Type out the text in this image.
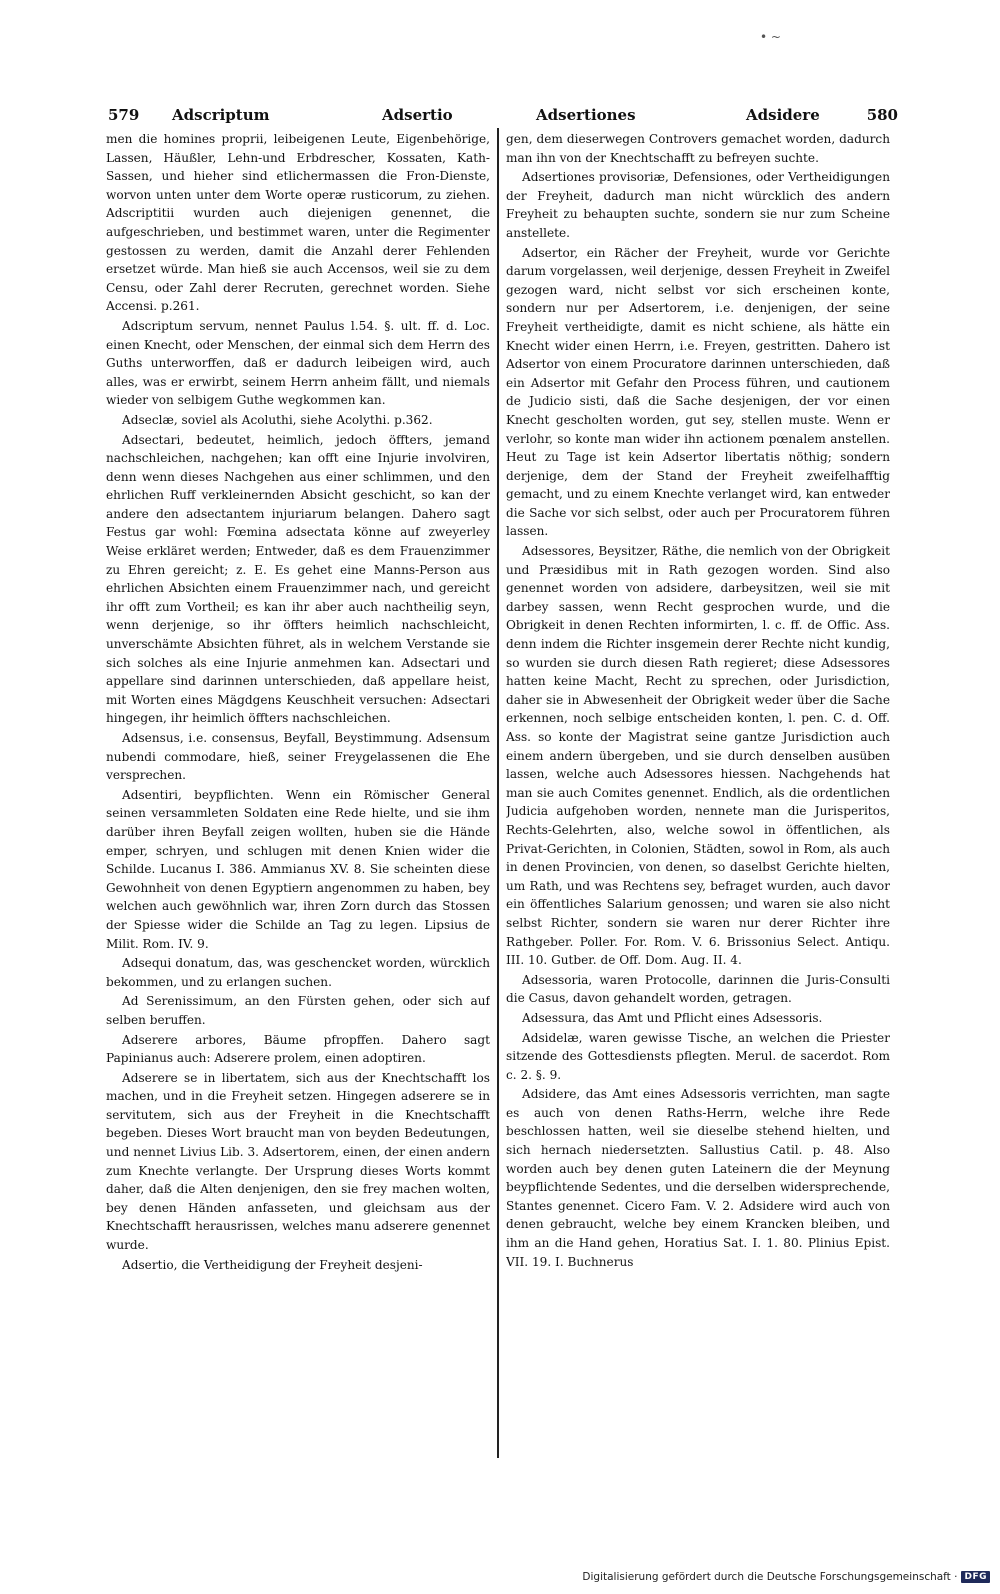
• ~
579 Adscriptum	Adsertio	Adsertiones	Adsidere	580

men die homines proprii, leibeigenen Leute, Eigenbehörige, Lassen, Häußler, Lehn-und Erbdrescher, Kossaten, Kath-Sassen, und hieher sind etlichermassen die Fron-Dienste, worvon unten unter dem Worte operæ rusticorum, zu ziehen. Adscriptitii wurden auch diejenigen genennet, die aufgeschrieben, und bestimmet waren, unter die Regimenter gestossen zu werden, damit die Anzahl derer Fehlenden ersetzet würde. Man hieß sie auch Accensos, weil sie zu dem Censu, oder Zahl derer Recruten, gerechnet worden. Siehe Accensi. p.261.

Adscriptum servum, nennet Paulus l.54. §. ult. ff. d. Loc. einen Knecht, oder Menschen, der einmal sich dem Herrn des Guths unterworffen, daß er dadurch leibeigen wird, auch alles, was er erwirbt, seinem Herrn anheim fällt, und niemals wieder von selbigem Guthe wegkommen kan.

Adseclæ, soviel als Acoluthi, siehe Acolythi. p.362.

Adsectari, bedeutet, heimlich, jedoch öffters, jemand nachschleichen, nachgehen; kan offt eine Injurie involviren, denn wenn dieses Nachgehen aus einer schlimmen, und den ehrlichen Ruff verkleinernden Absicht geschicht, so kan der andere den adsectantem injuriarum belangen. Dahero sagt Festus gar wohl: Fœmina adsectata könne auf zweyerley Weise erkläret werden; Entweder, daß es dem Frauenzimmer zu Ehren gereicht; z. E. Es gehet eine Manns-Person aus ehrlichen Absichten einem Frauenzimmer nach, und gereicht ihr offt zum Vortheil; es kan ihr aber auch nachtheilig seyn, wenn derjenige, so ihr öffters heimlich nachschleicht, unverschämte Absichten führet, als in welchem Verstande sie sich solches als eine Injurie anmehmen kan. Adsectari und appellare sind darinnen unterschieden, daß appellare heist, mit Worten eines Mägdgens Keuschheit versuchen: Adsectari hingegen, ihr heimlich öffters nachschleichen.

Adsensus, i.e. consensus, Beyfall, Beystimmung. Adsensum nubendi commodare, hieß, seiner Freygelassenen die Ehe versprechen.

Adsentiri, beypflichten. Wenn ein Römischer General seinen versammleten Soldaten eine Rede hielte, und sie ihm darüber ihren Beyfall zeigen wollten, huben sie die Hände emper, schryen, und schlugen mit denen Knien wider die Schilde. Lucanus I. 386. Ammianus XV. 8. Sie scheinten diese Gewohnheit von denen Egyptiern angenommen zu haben, bey welchen auch gewöhnlich war, ihren Zorn durch das Stossen der Spiesse wider die Schilde an Tag zu legen. Lipsius de Milit. Rom. IV. 9.

Adsequi donatum, das, was geschencket worden, würcklich bekommen, und zu erlangen suchen.

Ad Serenissimum, an den Fürsten gehen, oder sich auf selben beruffen.

Adserere arbores, Bäume pfropffen. Dahero sagt Papinianus auch: Adserere prolem, einen adoptiren.

Adserere se in libertatem, sich aus der Knechtschafft los machen, und in die Freyheit setzen. Hingegen adserere se in servitutem, sich aus der Freyheit in die Knechtschafft begeben. Dieses Wort braucht man von beyden Bedeutungen, und nennet Livius Lib. 3. Adsertorem, einen, der einen andern zum Knechte verlangte. Der Ursprung dieses Worts kommt daher, daß die Alten denjenigen, den sie frey machen wolten, bey denen Händen anfasseten, und gleichsam aus der Knechtschafft herausrissen, welches manu adserere genennet wurde.

Adsertio, die Vertheidigung der Freyheit desjeni-

gen, dem dieserwegen Controvers gemachet worden, dadurch man ihn von der Knechtschafft zu befreyen suchte.

Adsertiones provisoriæ, Defensiones, oder Vertheidigungen der Freyheit, dadurch man nicht würcklich des andern Freyheit zu behaupten suchte, sondern sie nur zum Scheine anstellete.

Adsertor, ein Rächer der Freyheit, wurde vor Gerichte darum vorgelassen, weil derjenige, dessen Freyheit in Zweifel gezogen ward, nicht selbst vor sich erscheinen konte, sondern nur per Adsertorem, i.e. denjenigen, der seine Freyheit vertheidigte, damit es nicht schiene, als hätte ein Knecht wider einen Herrn, i.e. Freyen, gestritten. Dahero ist Adsertor von einem Procuratore darinnen unterschieden, daß ein Adsertor mit Gefahr den Process führen, und cautionem de Judicio sisti, daß die Sache desjenigen, der vor einen Knecht gescholten worden, gut sey, stellen muste. Wenn er verlohr, so konte man wider ihn actionem pœnalem anstellen. Heut zu Tage ist kein Adsertor libertatis nöthig; sondern derjenige, dem der Stand der Freyheit zweifelhafftig gemacht, und zu einem Knechte verlanget wird, kan entweder die Sache vor sich selbst, oder auch per Procuratorem führen lassen.

Adsessores, Beysitzer, Räthe, die nemlich von der Obrigkeit und Præsidibus mit in Rath gezogen worden. Sind also genennet worden von adsidere, darbeysitzen, weil sie mit darbey sassen, wenn Recht gesprochen wurde, und die Obrigkeit in denen Rechten informirten, l. c. ff. de Offic. Ass. denn indem die Richter insgemein derer Rechte nicht kundig, so wurden sie durch diesen Rath regieret; diese Adsessores hatten keine Macht, Recht zu sprechen, oder Jurisdiction, daher sie in Abwesenheit der Obrigkeit weder über die Sache erkennen, noch selbige entscheiden konten, l. pen. C. d. Off. Ass. so konte der Magistrat seine gantze Jurisdiction auch einem andern übergeben, und sie durch denselben ausüben lassen, welche auch Adsessores hiessen. Nachgehends hat man sie auch Comites genennet. Endlich, als die ordentlichen Judicia aufgehoben worden, nennete man die Jurisperitos, Rechts-Gelehrten, also, welche sowol in öffentlichen, als Privat-Gerichten, in Colonien, Städten, sowol in Rom, als auch in denen Provincien, von denen, so daselbst Gerichte hielten, um Rath, und was Rechtens sey, befraget wurden, auch davor ein öffentliches Salarium genossen; und waren sie also nicht selbst Richter, sondern sie waren nur derer Richter ihre Rathgeber. Poller. For. Rom. V. 6. Brissonius Select. Antiqu. III. 10. Gutber. de Off. Dom. Aug. II. 4.

Adsessoria, waren Protocolle, darinnen die Juris-Consulti die Casus, davon gehandelt worden, getragen.

Adsessura, das Amt und Pflicht eines Adsessoris.

Adsidelæ, waren gewisse Tische, an welchen die Priester sitzende des Gottesdiensts pflegten. Merul. de sacerdot. Rom c. 2. §. 9.

Adsidere, das Amt eines Adsessoris verrichten, man sagte es auch von denen Raths-Herrn, welche ihre Rede beschlossen hatten, weil sie dieselbe stehend hielten, und sich hernach niedersetzten. Sallustius Catil. p. 48. Also worden auch bey denen guten Lateinern die der Meynung beypflichtende Sedentes, und die derselben widersprechende, Stantes genennet. Cicero Fam. V. 2. Adsidere wird auch von denen gebraucht, welche bey einem Krancken bleiben, und ihm an die Hand gehen, Horatius Sat. I. 1. 80. Plinius Epist. VII. 19. I. Buchnerus

Digitalisierung gefördert durch die Deutsche Forschungsgemeinschaft · DFG
